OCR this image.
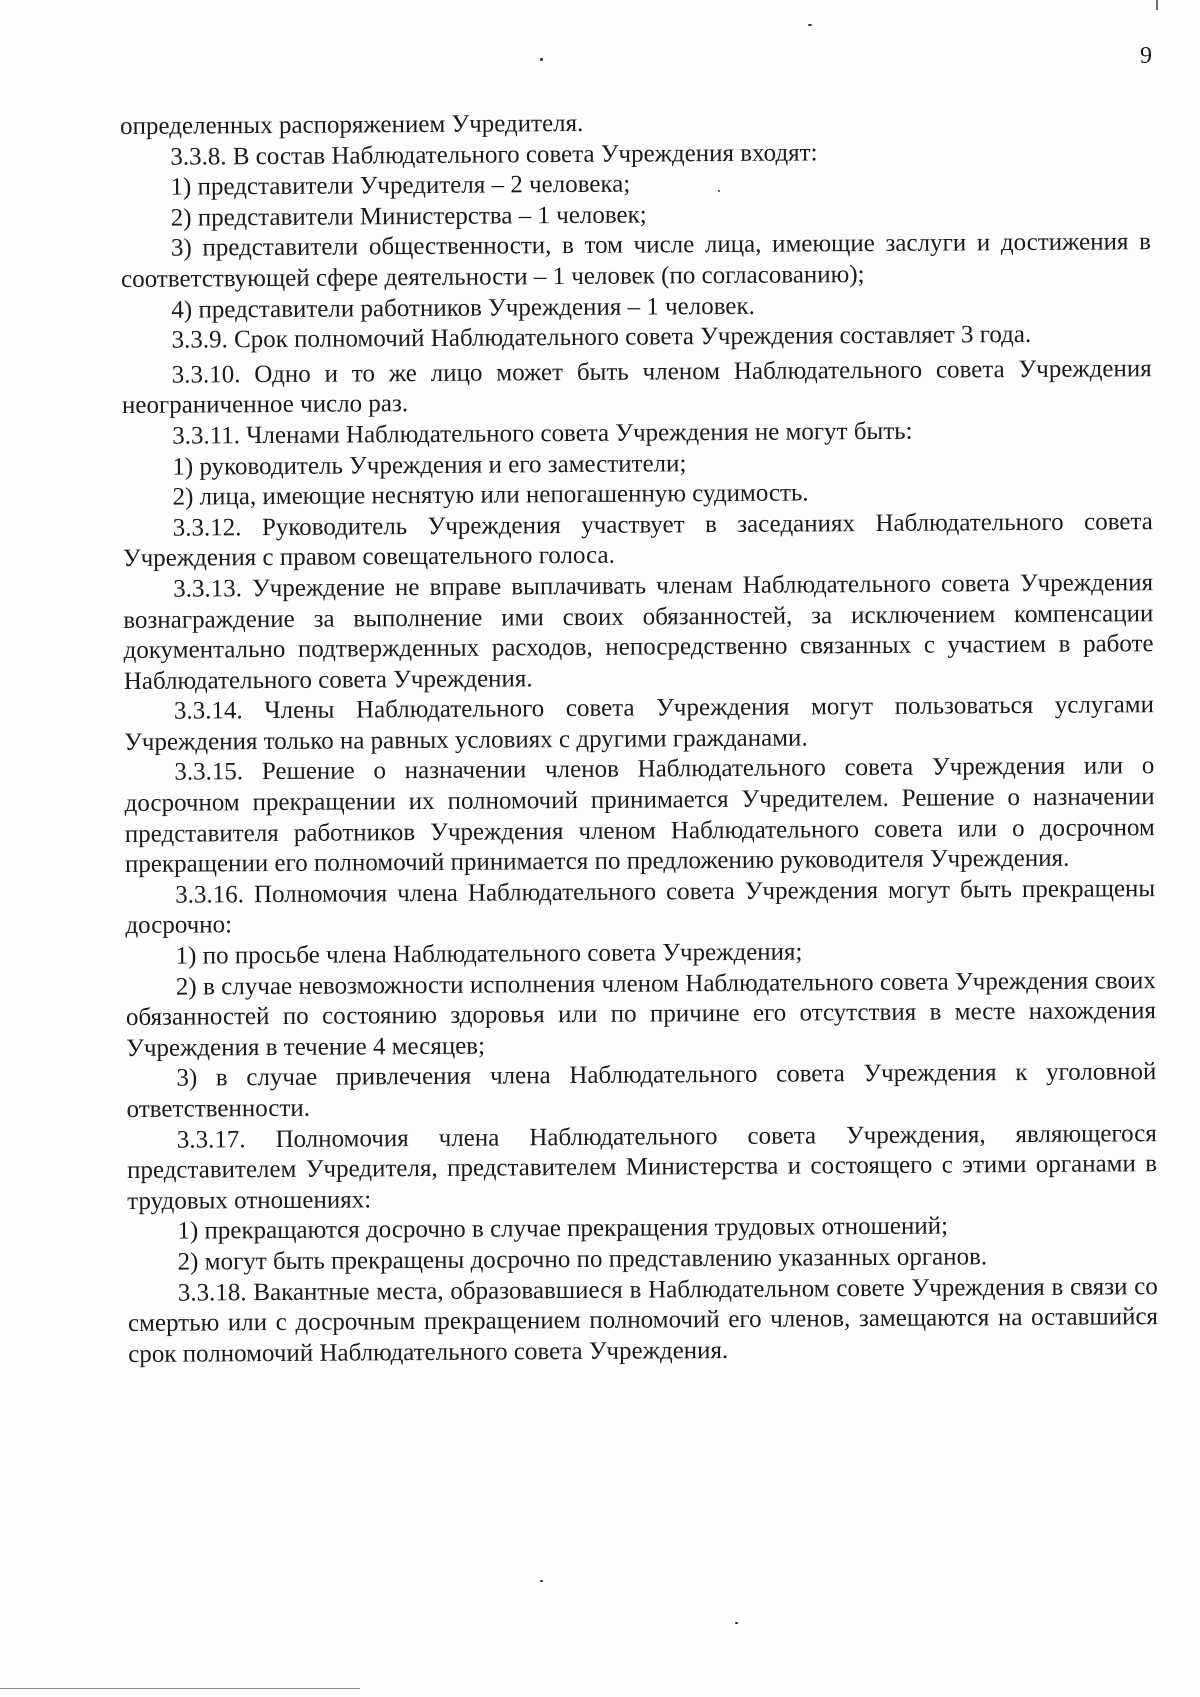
9

определенных распоряжением Учредителя.

3.3.8. В состав Наблюдательного совета Учреждения входят:

1) представители Учредителя – 2 человека;

2) представители Министерства – 1 человек;

3) представители общественности, в том числе лица, имеющие заслуги и достижения в соответствующей сфере деятельности – 1 человек (по согласованию);

4) представители работников Учреждения – 1 человек.

3.3.9. Срок полномочий Наблюдательного совета Учреждения составляет 3 года.

3.3.10. Одно и то же лицо может быть членом Наблюдательного совета Учреждения неограниченное число раз.

3.3.11. Членами Наблюдательного совета Учреждения не могут быть:

1) руководитель Учреждения и его заместители;

2) лица, имеющие неснятую или непогашенную судимость.

3.3.12. Руководитель Учреждения участвует в заседаниях Наблюдательного совета Учреждения с правом совещательного голоса.

3.3.13. Учреждение не вправе выплачивать членам Наблюдательного совета Учреждения вознаграждение за выполнение ими своих обязанностей, за исключением компенсации документально подтвержденных расходов, непосредственно связанных с участием в работе Наблюдательного совета Учреждения.

3.3.14. Члены Наблюдательного совета Учреждения могут пользоваться услугами Учреждения только на равных условиях с другими гражданами.

3.3.15. Решение о назначении членов Наблюдательного совета Учреждения или о досрочном прекращении их полномочий принимается Учредителем. Решение о назначении представителя работников Учреждения членом Наблюдательного совета или о досрочном прекращении его полномочий принимается по предложению руководителя Учреждения.

3.3.16. Полномочия члена Наблюдательного совета Учреждения могут быть прекращены досрочно:

1) по просьбе члена Наблюдательного совета Учреждения;

2) в случае невозможности исполнения членом Наблюдательного совета Учреждения своих обязанностей по состоянию здоровья или по причине его отсутствия в месте нахождения Учреждения в течение 4 месяцев;

3) в случае привлечения члена Наблюдательного совета Учреждения к уголовной ответственности.

3.3.17. Полномочия члена Наблюдательного совета Учреждения, являющегося представителем Учредителя, представителем Министерства и состоящего с этими органами в трудовых отношениях:

1) прекращаются досрочно в случае прекращения трудовых отношений;

2) могут быть прекращены досрочно по представлению указанных органов.

3.3.18. Вакантные места, образовавшиеся в Наблюдательном совете Учреждения в связи со смертью или с досрочным прекращением полномочий его членов, замещаются на оставшийся срок полномочий Наблюдательного совета Учреждения.
